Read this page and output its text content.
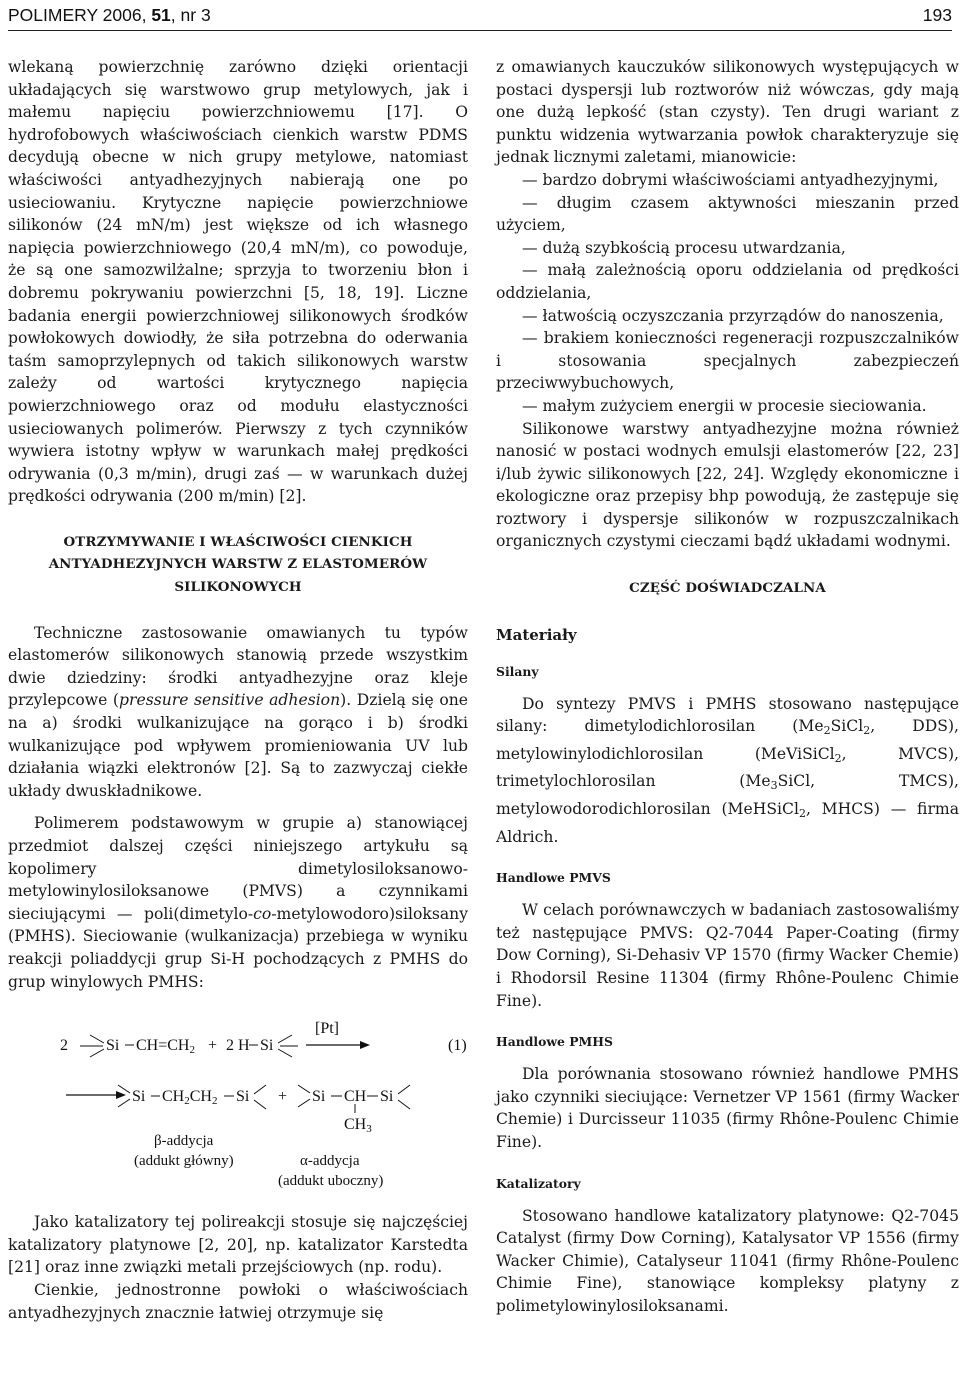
POLIMERY 2006, 51, nr 3	193

wlekaną powierzchnię zarówno dzięki orientacji układających się warstwowo grup metylowych, jak i małemu napięciu powierzchniowemu [17]. O hydrofobowych właściwościach cienkich warstw PDMS decydują obecne w nich grupy metylowe, natomiast właściwości antyadhezyjnych nabierają one po usieciowaniu. Krytyczne napięcie powierzchniowe silikonów (24 mN/m) jest większe od ich własnego napięcia powierzchniowego (20,4 mN/m), co powoduje, że są one samozwilżalne; sprzyja to tworzeniu błon i dobremu pokrywaniu powierzchni [5, 18, 19]. Liczne badania energii powierzchniowej silikonowych środków powłokowych dowiodły, że siła potrzebna do oderwania taśm samoprzylepnych od takich silikonowych warstw zależy od wartości krytycznego napięcia powierzchniowego oraz od modułu elastyczności usieciowanych polimerów. Pierwszy z tych czynników wywiera istotny wpływ w warunkach małej prędkości odrywania (0,3 m/min), drugi zaś — w warunkach dużej prędkości odrywania (200 m/min) [2].

OTRZYMYWANIE I WŁAŚCIWOŚCI CIENKICH
ANTYADHEZYJNYCH WARSTW Z ELASTOMERÓW
SILIKONOWYCH

Techniczne zastosowanie omawianych tu typów elastomerów silikonowych stanowią przede wszystkim dwie dziedziny: środki antyadhezyjne oraz kleje przylepcowe (pressure sensitive adhesion). Dzielą się one na a) środki wulkanizujące na gorąco i b) środki wulkanizujące pod wpływem promieniowania UV lub działania wiązki elektronów [2]. Są to zazwyczaj ciekłe układy dwuskładnikowe.

Polimerem podstawowym w grupie a) stanowiącej przedmiot dalszej części niniejszego artykułu są kopolimery dimetylosiloksanowo-metylowinylosiloksanowe (PMVS) a czynnikami sieciującymi — poli(dimetylo-co-metylowodoro)siloksany (PMHS). Sieciowanie (wulkanizacja) przebiega w wyniku reakcji poliaddycji grup Si-H pochodzących z PMHS do grup winylowych PMHS:

2 Si CH=CH2 + 2 H Si
[Pt]
(1)
Si CH2CH2 Si + Si CH Si
CH3
β-addycja
(addukt główny)	α-addycja
(addukt uboczny)

Jako katalizatory tej polireakcji stosuje się najczęściej katalizatory platynowe [2, 20], np. katalizator Karstedta [21] oraz inne związki metali przejściowych (np. rodu).

Cienkie, jednostronne powłoki o właściwościach antyadhezyjnych znacznie łatwiej otrzymuje się

z omawianych kauczuków silikonowych występujących w postaci dyspersji lub roztworów niż wówczas, gdy mają one dużą lepkość (stan czysty). Ten drugi wariant z punktu widzenia wytwarzania powłok charakteryzuje się jednak licznymi zaletami, mianowicie:

— bardzo dobrymi właściwościami antyadhezyjnymi,

— długim czasem aktywności mieszanin przed użyciem,

— dużą szybkością procesu utwardzania,

— małą zależnością oporu oddzielania od prędkości oddzielania,

— łatwością oczyszczania przyrządów do nanoszenia,

— brakiem konieczności regeneracji rozpuszczalników i stosowania specjalnych zabezpieczeń przeciwwybuchowych,

— małym zużyciem energii w procesie sieciowania.

Silikonowe warstwy antyadhezyjne można również nanosić w postaci wodnych emulsji elastomerów [22, 23] i/lub żywic silikonowych [22, 24]. Względy ekonomiczne i ekologiczne oraz przepisy bhp powodują, że zastępuje się roztwory i dyspersje silikonów w rozpuszczalnikach organicznych czystymi cieczami bądź układami wodnymi.

CZĘŚĆ DOŚWIADCZALNA
Materiały
Silany

Do syntezy PMVS i PMHS stosowano następujące silany: dimetylodichlorosilan ($Me_2SiCl_2$, DDS), metylowinylodichlorosilan (MeViSiCl$_2$, MVCS), trimetylochlorosilan ($Me_3SiCl$, TMCS), metylowodorodichlorosilan (MeHSiCl$_2$, MHCS) — firma Aldrich.

Handlowe PMVS

W celach porównawczych w badaniach zastosowaliśmy też następujące PMVS: Q2-7044 Paper-Coating (firmy Dow Corning), Si-Dehasiv VP 1570 (firmy Wacker Chemie) i Rhodorsil Resine 11304 (firmy Rhône-Poulenc Chimie Fine).

Handlowe PMHS

Dla porównania stosowano również handlowe PMHS jako czynniki sieciujące: Vernetzer VP 1561 (firmy Wacker Chemie) i Durcisseur 11035 (firmy Rhône-Poulenc Chimie Fine).

Katalizatory

Stosowano handlowe katalizatory platynowe: Q2-7045 Catalyst (firmy Dow Corning), Katalysator VP 1556 (firmy Wacker Chimie), Catalyseur 11041 (firmy Rhône-Poulenc Chimie Fine), stanowiące kompleksy platyny z polimetylowinylosiloksanami.
